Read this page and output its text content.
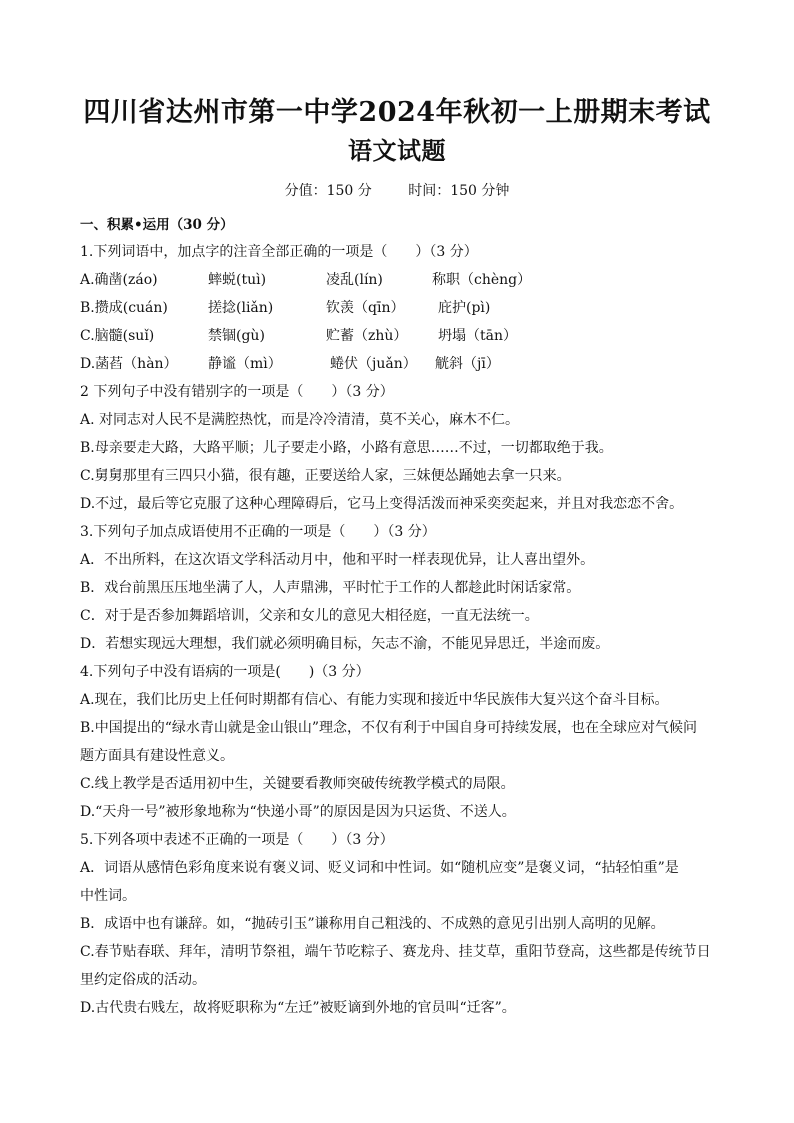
四川省达州市第一中学2024年秋初一上册期末考试
语文试题
分值：150 分	时间：150 分钟
一、积累•运用（30 分）
1.下列词语中，加点字的注音全部正确的一项是（　　）（3 分）
A.确凿(záo)	蟀蜕(tuì)	凌乱(lín)	称职（chèng）
B.攒成(cuán)	搓捻(liǎn)	钦羡（qīn） 庇护(pì)
C.脑髓(suǐ)	禁锢(gù)	贮蓄（zhù） 坍塌（tān）
D.菡萏（hàn） 静谧（mì）	蜷伏（juǎn） 觥斜（jī）
2 下列句子中没有错别字的一项是（　　）（3 分）
A. 对同志对人民不是满腔热忱，而是冷冷清清，莫不关心，麻木不仁。
B.母亲要走大路，大路平顺；儿子要走小路，小路有意思……不过，一切都取绝于我。
C.舅舅那里有三四只小猫，很有趣，正要送给人家，三妹便怂踊她去拿一只来。
D.不过，最后等它克服了这种心理障碍后，它马上变得活泼而神采奕奕起来，并且对我恋恋不舍。
3.下列句子加点成语使用不正确的一项是（　　）（3 分）
A．不出所料，在这次语文学科活动月中，他和平时一样表现优异，让人喜出望外。
B．戏台前黑压压地坐满了人，人声鼎沸，平时忙于工作的人都趁此时闲话家常。
C．对于是否参加舞蹈培训，父亲和女儿的意见大相径庭，一直无法统一。
D．若想实现远大理想，我们就必须明确目标，矢志不渝，不能见异思迁，半途而废。
4.下列句子中没有语病的一项是(　　)（3 分）
A.现在，我们比历史上任何时期都有信心、有能力实现和接近中华民族伟大复兴这个奋斗目标。
B.中国提出的“绿水青山就是金山银山”理念，不仅有利于中国自身可持续发展，也在全球应对气候问
题方面具有建设性意义。
C.线上教学是否适用初中生，关键要看教师突破传统教学模式的局限。
D.“天舟一号”被形象地称为“快递小哥”的原因是因为只运货、不送人。
5.下列各项中表述不正确的一项是（　　）（3 分）
A．词语从感情色彩角度来说有褒义词、贬义词和中性词。如“随机应变”是褒义词，“拈轻怕重”是
中性词。
B．成语中也有谦辞。如，“抛砖引玉”谦称用自己粗浅的、不成熟的意见引出别人高明的见解。
C.春节贴春联、拜年，清明节祭祖，端午节吃粽子、赛龙舟、挂艾草，重阳节登高，这些都是传统节日
里约定俗成的活动。
D.古代贵右贱左，故将贬职称为“左迁”被贬谪到外地的官员叫“迁客”。
